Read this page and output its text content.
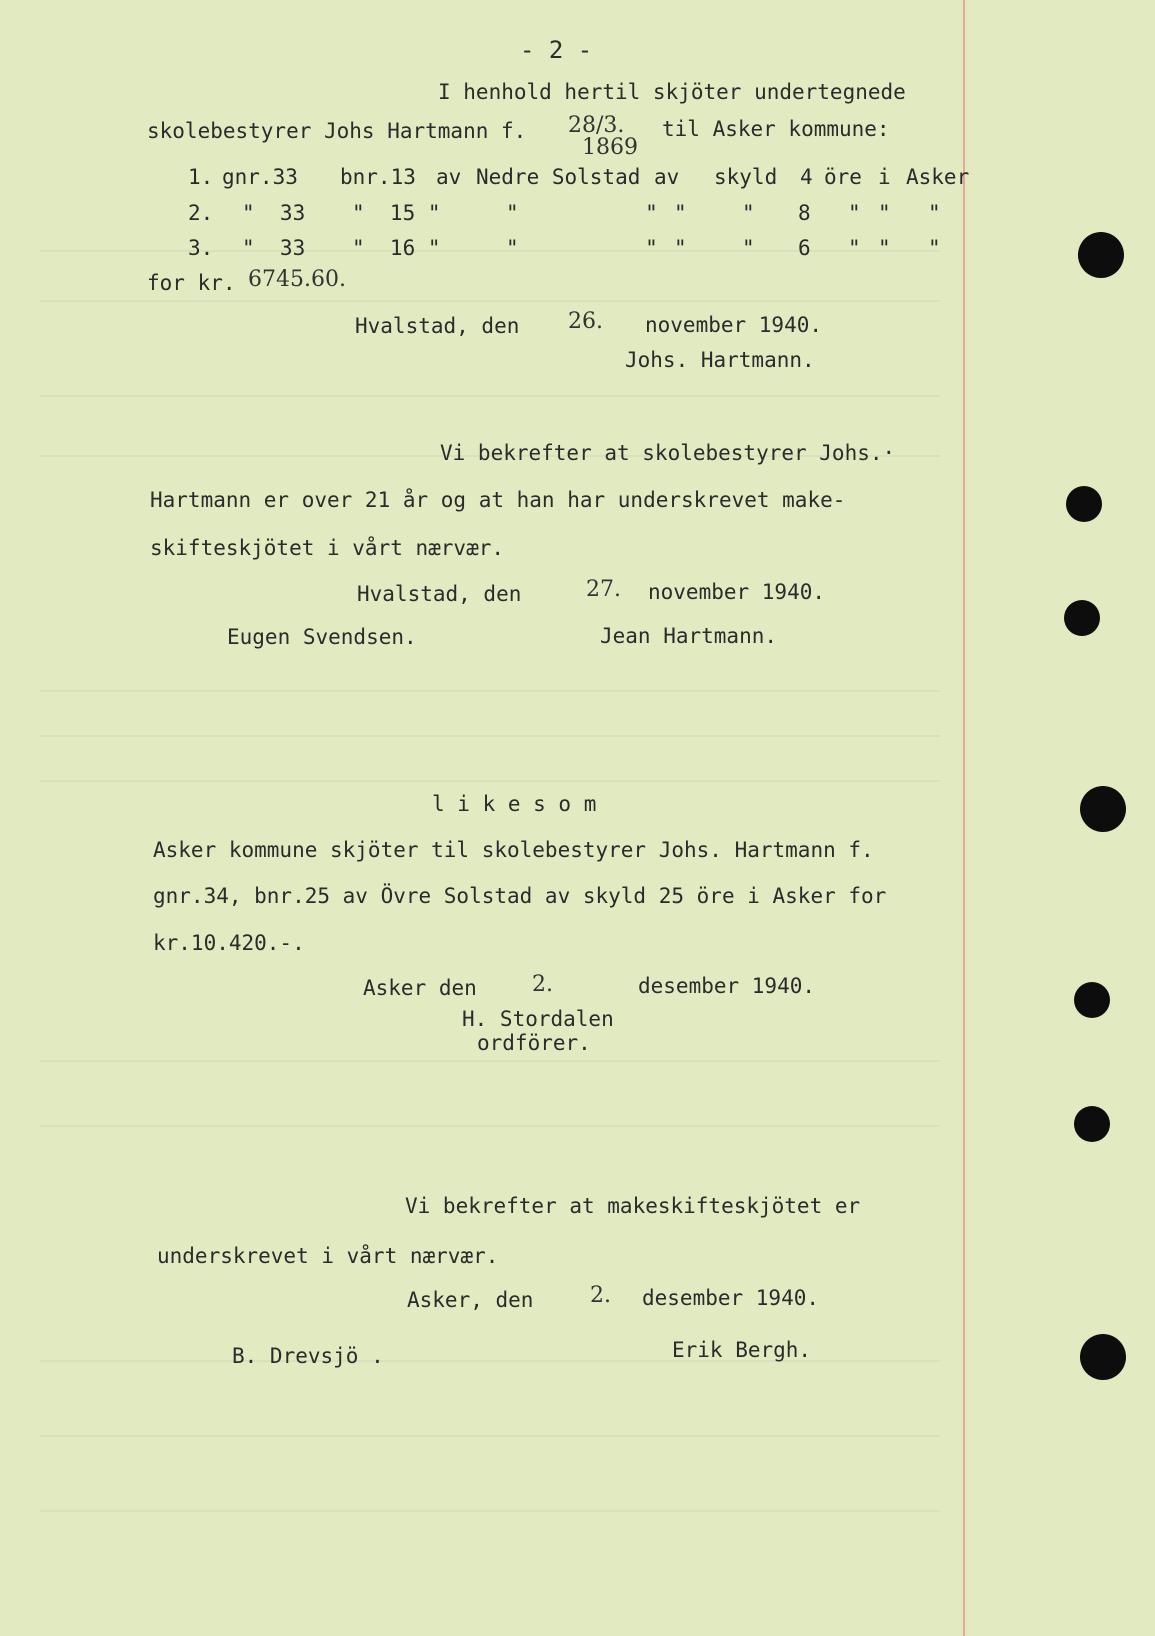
- 2 -
I henhold hertil skjöter undertegnede
skolebestyrer Johs Hartmann f. 28/3.
1869
til Asker kommune:
1. gnr.33 bnr.13 av Nedre Solstad av skyld 4 öre i Asker
2. "  33 "  15 "	"          " "	" 8 " " "
3. "  33 "  16 "	"          " "	" 6 " " "
for kr. 6745.60.
Hvalstad, den 26. november 1940.
Johs. Hartmann.
Vi bekrefter at skolebestyrer Johs.·
Hartmann er over 21 år og at han har underskrevet make-
skifteskjötet i vårt nærvær.
Hvalstad, den	27. november 1940.
Eugen Svendsen.	Jean Hartmann.
l i k e s o m
Asker kommune skjöter til skolebestyrer Johs. Hartmann f.
gnr.34, bnr.25 av Övre Solstad av skyld 25 öre i Asker for
kr.10.420.-.
Asker den	2.	desember 1940.
H. Stordalen
ordförer.
Vi bekrefter at makeskifteskjötet er
underskrevet i vårt nærvær.
Asker, den	2. desember 1940.
B. Drevsjö .	Erik Bergh.
